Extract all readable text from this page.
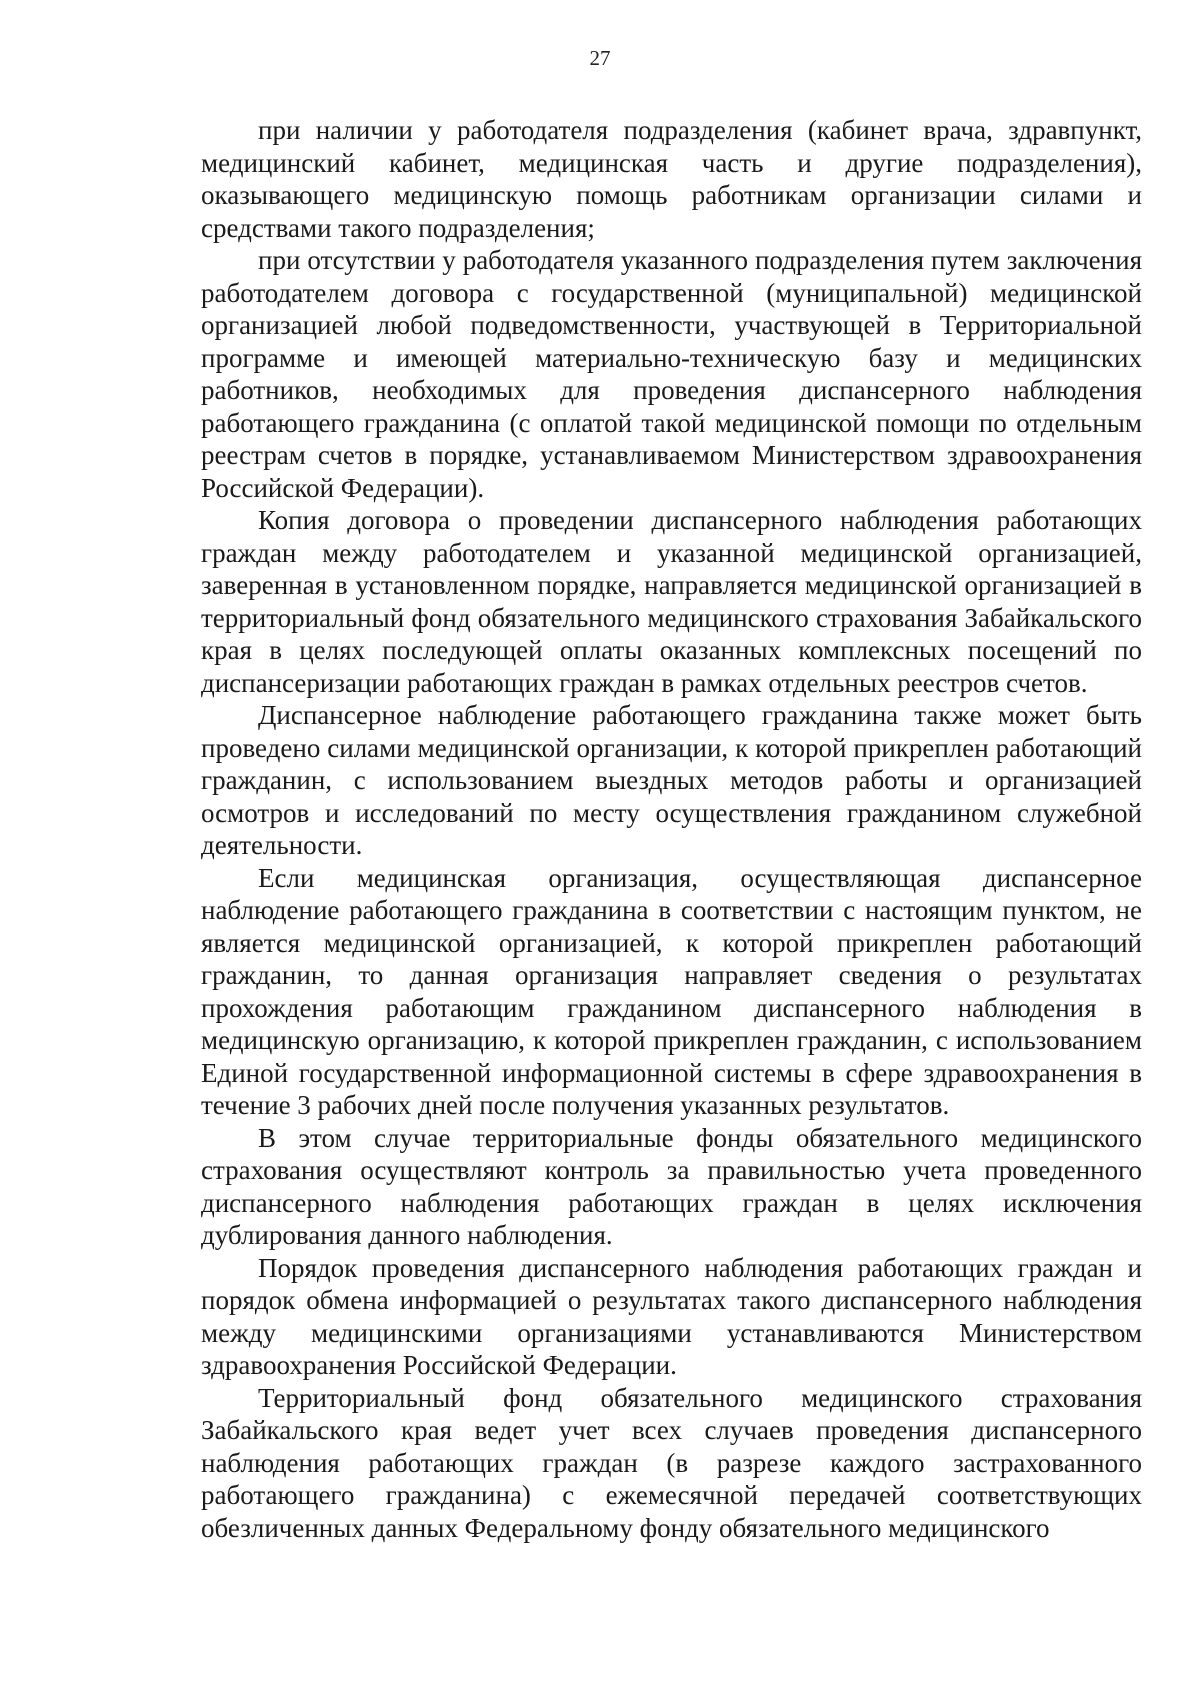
27

при наличии у работодателя подразделения (кабинет врача, здравпункт, медицинский кабинет, медицинская часть и другие подразделения), оказывающего медицинскую помощь работникам организации силами и средствами такого подразделения;

при отсутствии у работодателя указанного подразделения путем заключения работодателем договора с государственной (муниципальной) медицинской организацией любой подведомственности, участвующей в Территориальной программе и имеющей материально-техническую базу и медицинских работников, необходимых для проведения диспансерного наблюдения работающего гражданина (с оплатой такой медицинской помощи по отдельным реестрам счетов в порядке, устанавливаемом Министерством здравоохранения Российской Федерации).

Копия договора о проведении диспансерного наблюдения работающих граждан между работодателем и указанной медицинской организацией, заверенная в установленном порядке, направляется медицинской организацией в территориальный фонд обязательного медицинского страхования Забайкальского края в целях последующей оплаты оказанных комплексных посещений по диспансеризации работающих граждан в рамках отдельных реестров счетов.

Диспансерное наблюдение работающего гражданина также может быть проведено силами медицинской организации, к которой прикреплен работающий гражданин, с использованием выездных методов работы и организацией осмотров и исследований по месту осуществления гражданином служебной деятельности.

Если медицинская организация, осуществляющая диспансерное наблюдение работающего гражданина в соответствии с настоящим пунктом, не является медицинской организацией, к которой прикреплен работающий гражданин, то данная организация направляет сведения о результатах прохождения работающим гражданином диспансерного наблюдения в медицинскую организацию, к которой прикреплен гражданин, с использованием Единой государственной информационной системы в сфере здравоохранения в течение 3 рабочих дней после получения указанных результатов.

В этом случае территориальные фонды обязательного медицинского страхования осуществляют контроль за правильностью учета проведенного диспансерного наблюдения работающих граждан в целях исключения дублирования данного наблюдения.

Порядок проведения диспансерного наблюдения работающих граждан и порядок обмена информацией о результатах такого диспансерного наблюдения между медицинскими организациями устанавливаются Министерством здравоохранения Российской Федерации.

Территориальный фонд обязательного медицинского страхования Забайкальского края ведет учет всех случаев проведения диспансерного наблюдения работающих граждан (в разрезе каждого застрахованного работающего гражданина) с ежемесячной передачей соответствующих обезличенных данных Федеральному фонду обязательного медицинского
